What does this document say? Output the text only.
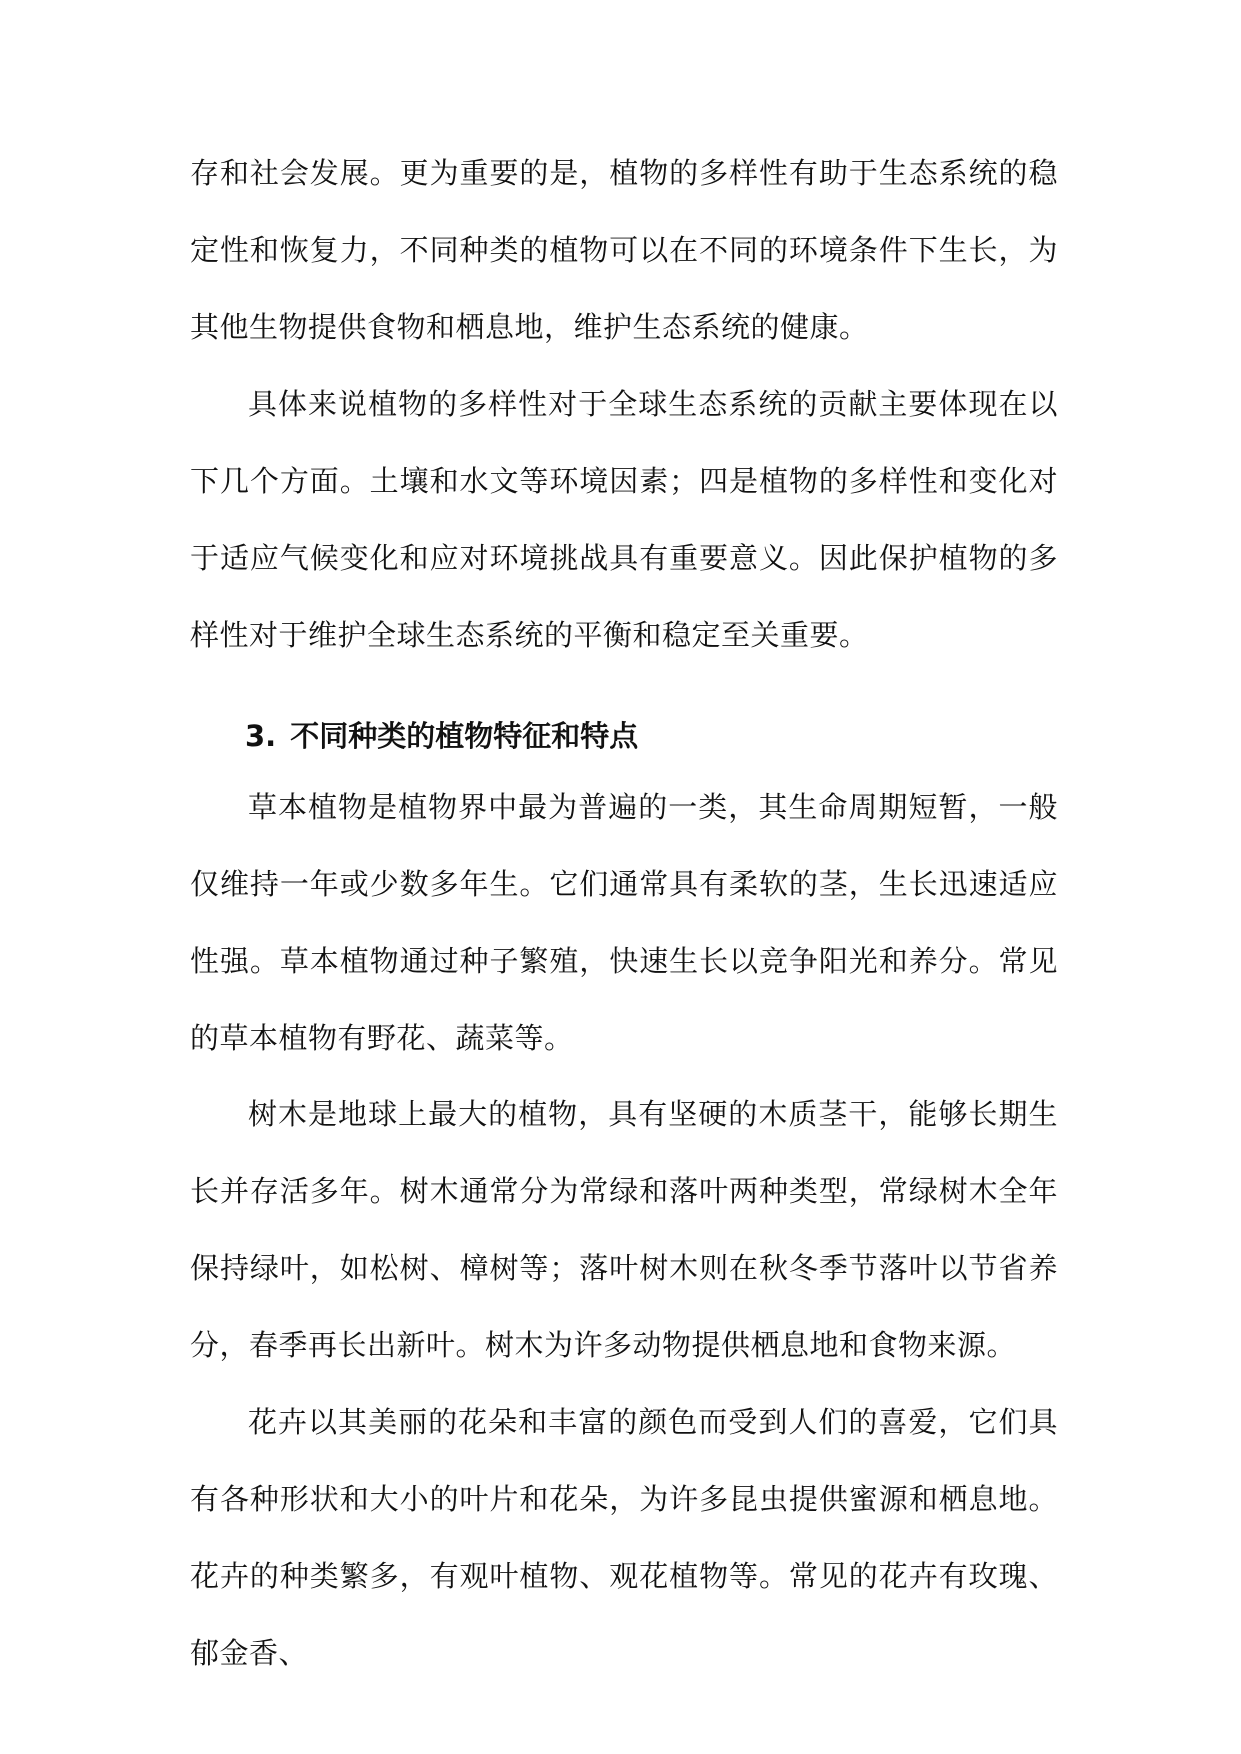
存和社会发展。更为重要的是，植物的多样性有助于生态系统的稳定性和恢复力，不同种类的植物可以在不同的环境条件下生长，为其他生物提供食物和栖息地，维护生态系统的健康。
具体来说植物的多样性对于全球生态系统的贡献主要体现在以下几个方面。土壤和水文等环境因素；四是植物的多样性和变化对于适应气候变化和应对环境挑战具有重要意义。因此保护植物的多样性对于维护全球生态系统的平衡和稳定至关重要。
3. 不同种类的植物特征和特点
草本植物是植物界中最为普遍的一类，其生命周期短暂，一般仅维持一年或少数多年生。它们通常具有柔软的茎，生长迅速适应性强。草本植物通过种子繁殖，快速生长以竞争阳光和养分。常见的草本植物有野花、蔬菜等。
树木是地球上最大的植物，具有坚硬的木质茎干，能够长期生长并存活多年。树木通常分为常绿和落叶两种类型，常绿树木全年保持绿叶，如松树、樟树等；落叶树木则在秋冬季节落叶以节省养分，春季再长出新叶。树木为许多动物提供栖息地和食物来源。
花卉以其美丽的花朵和丰富的颜色而受到人们的喜爱，它们具有各种形状和大小的叶片和花朵，为许多昆虫提供蜜源和栖息地。花卉的种类繁多，有观叶植物、观花植物等。常见的花卉有玫瑰、郁金香、
